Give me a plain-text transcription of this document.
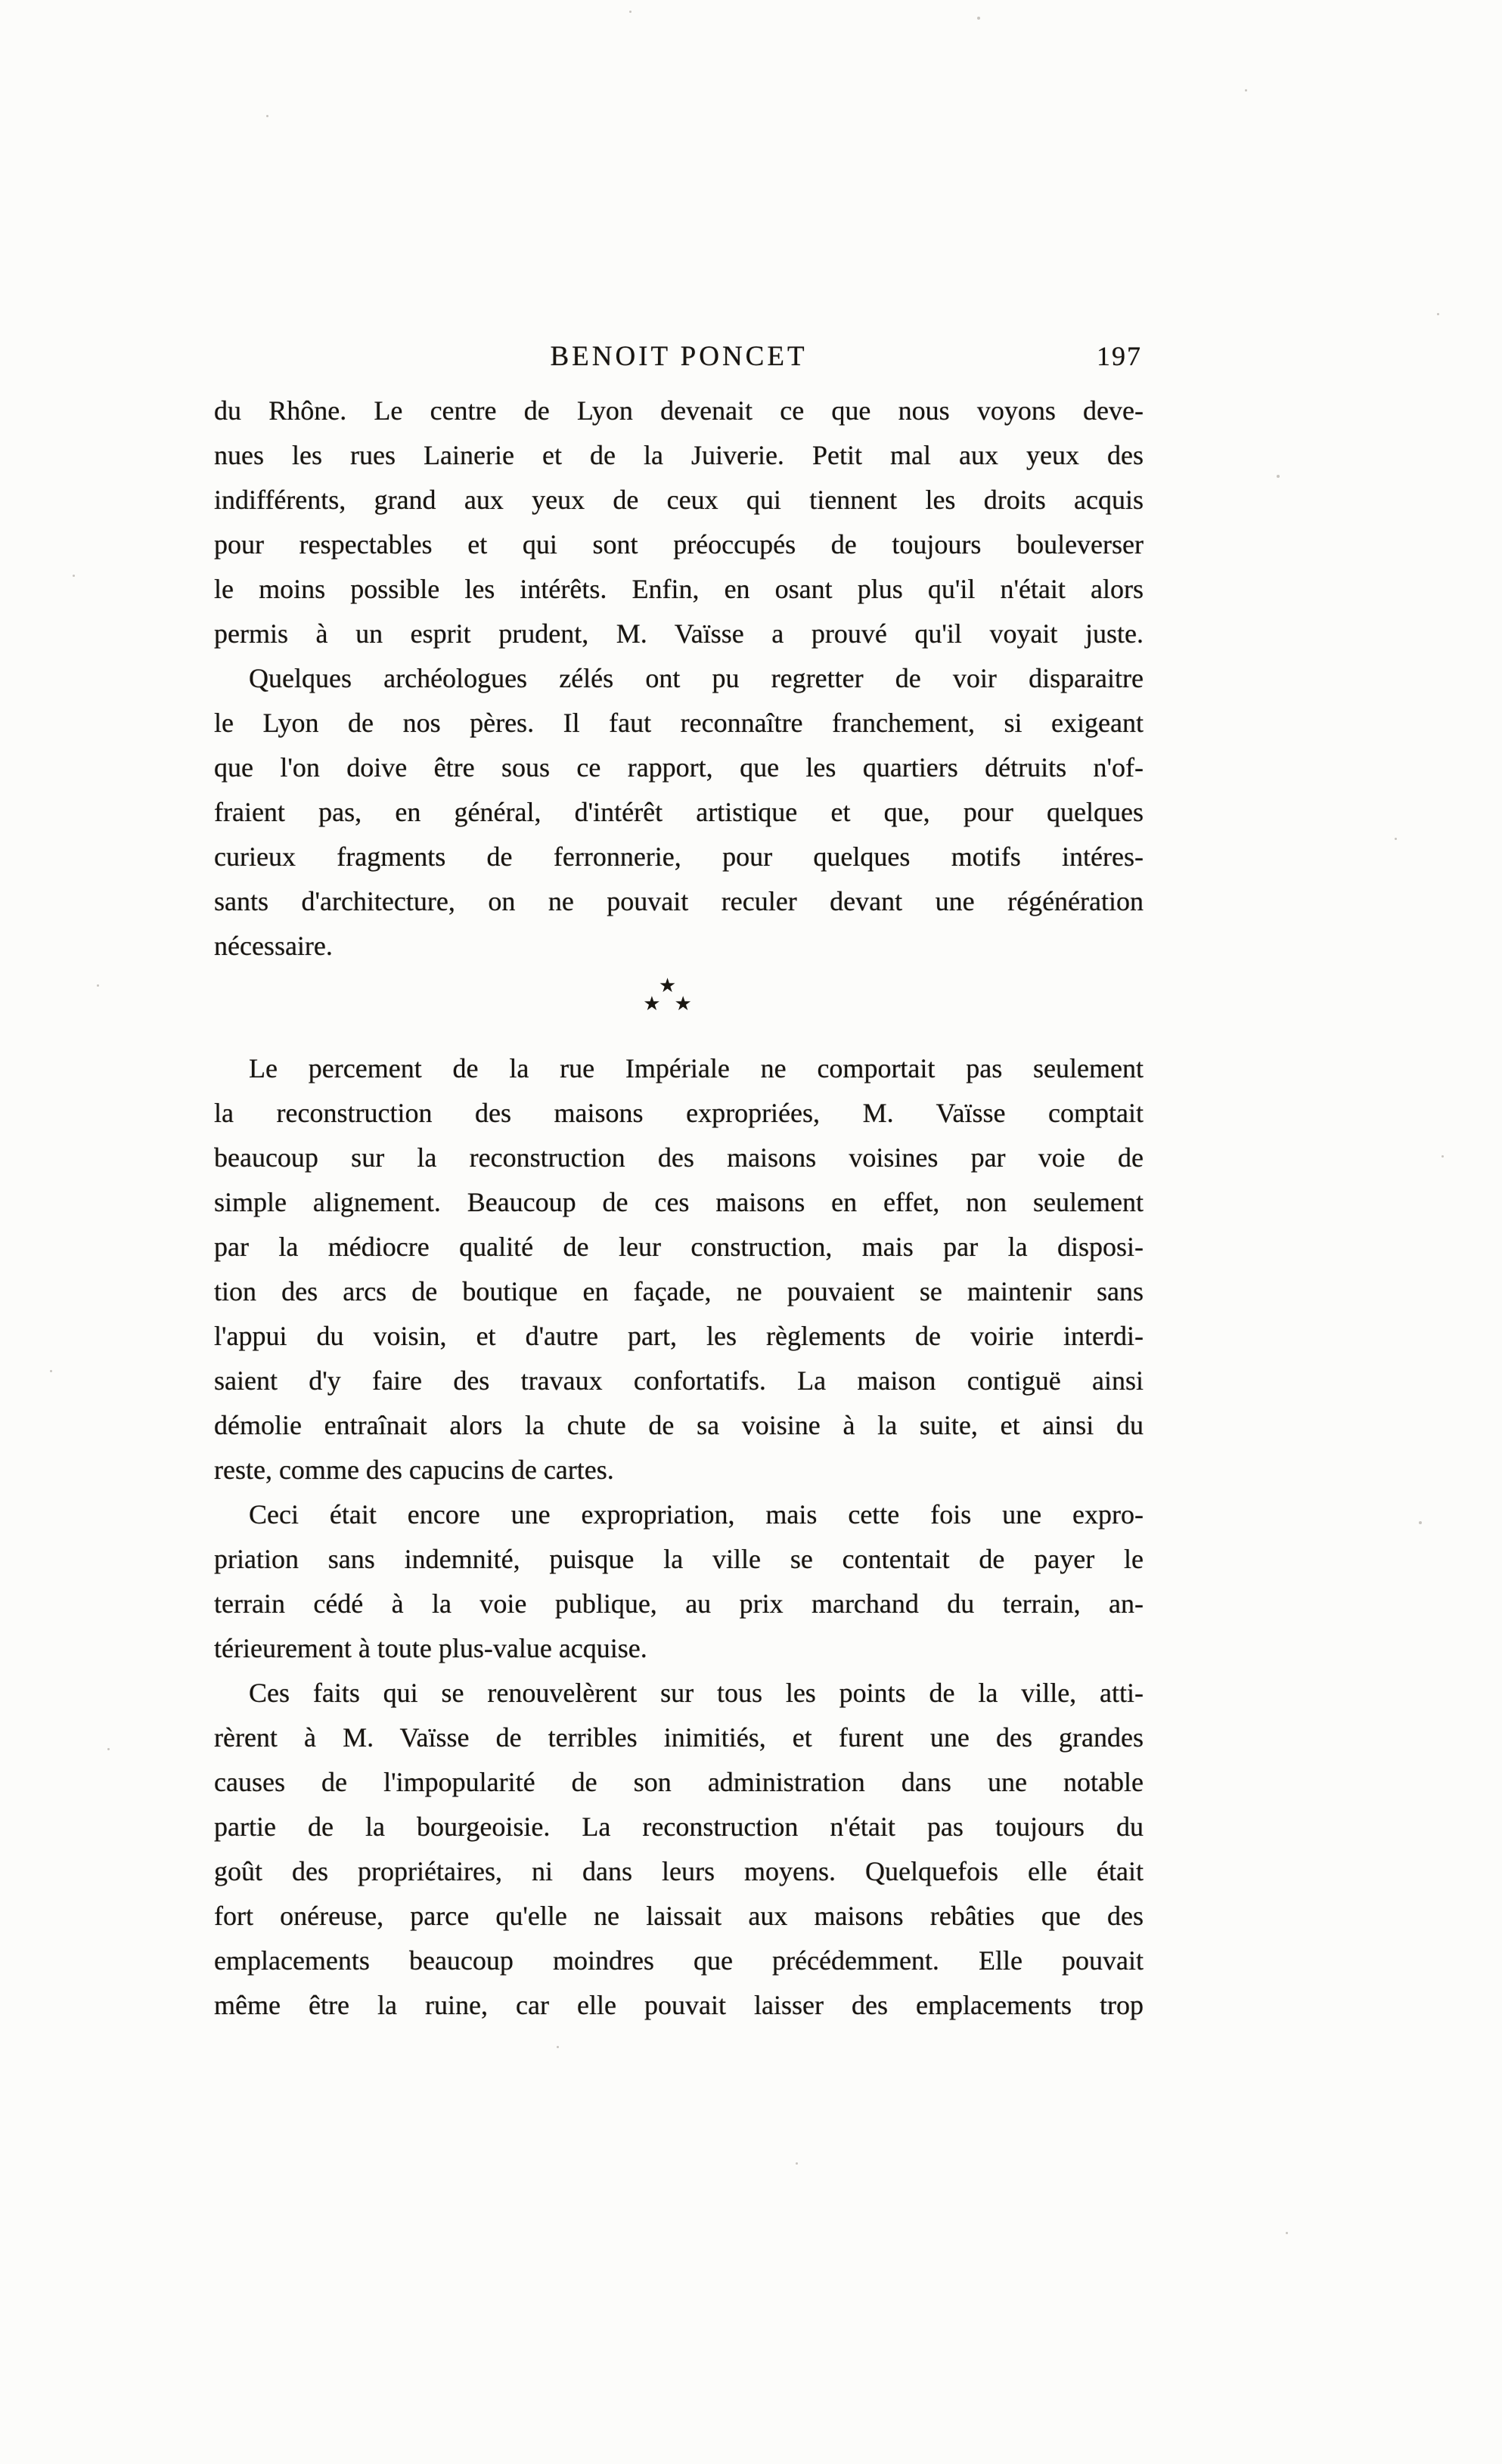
BENOIT PONCET	197
du Rhône. Le centre de Lyon devenait ce que nous voyons deve-
nues les rues Lainerie et de la Juiverie. Petit mal aux yeux des
indifférents, grand aux yeux de ceux qui tiennent les droits acquis
pour respectables et qui sont préoccupés de toujours bouleverser
le moins possible les intérêts. Enfin, en osant plus qu'il n'était alors
permis à un esprit prudent, M. Vaïsse a prouvé qu'il voyait juste.
Quelques archéologues zélés ont pu regretter de voir disparaitre
le Lyon de nos pères. Il faut reconnaître franchement, si exigeant
que l'on doive être sous ce rapport, que les quartiers détruits n'of-
fraient pas, en général, d'intérêt artistique et que, pour quelques
curieux fragments de ferronnerie, pour quelques motifs intéres-
sants d'architecture, on ne pouvait reculer devant une régénération
nécessaire.
★
★ ★
Le percement de la rue Impériale ne comportait pas seulement
la reconstruction des maisons expropriées, M. Vaïsse comptait
beaucoup sur la reconstruction des maisons voisines par voie de
simple alignement. Beaucoup de ces maisons en effet, non seulement
par la médiocre qualité de leur construction, mais par la disposi-
tion des arcs de boutique en façade, ne pouvaient se maintenir sans
l'appui du voisin, et d'autre part, les règlements de voirie interdi-
saient d'y faire des travaux confortatifs. La maison contiguë ainsi
démolie entraînait alors la chute de sa voisine à la suite, et ainsi du
reste, comme des capucins de cartes.
Ceci était encore une expropriation, mais cette fois une expro-
priation sans indemnité, puisque la ville se contentait de payer le
terrain cédé à la voie publique, au prix marchand du terrain, an-
térieurement à toute plus-value acquise.
Ces faits qui se renouvelèrent sur tous les points de la ville, atti-
rèrent à M. Vaïsse de terribles inimitiés, et furent une des grandes
causes de l'impopularité de son administration dans une notable
partie de la bourgeoisie. La reconstruction n'était pas toujours du
goût des propriétaires, ni dans leurs moyens. Quelquefois elle était
fort onéreuse, parce qu'elle ne laissait aux maisons rebâties que des
emplacements beaucoup moindres que précédemment. Elle pouvait
même être la ruine, car elle pouvait laisser des emplacements trop
